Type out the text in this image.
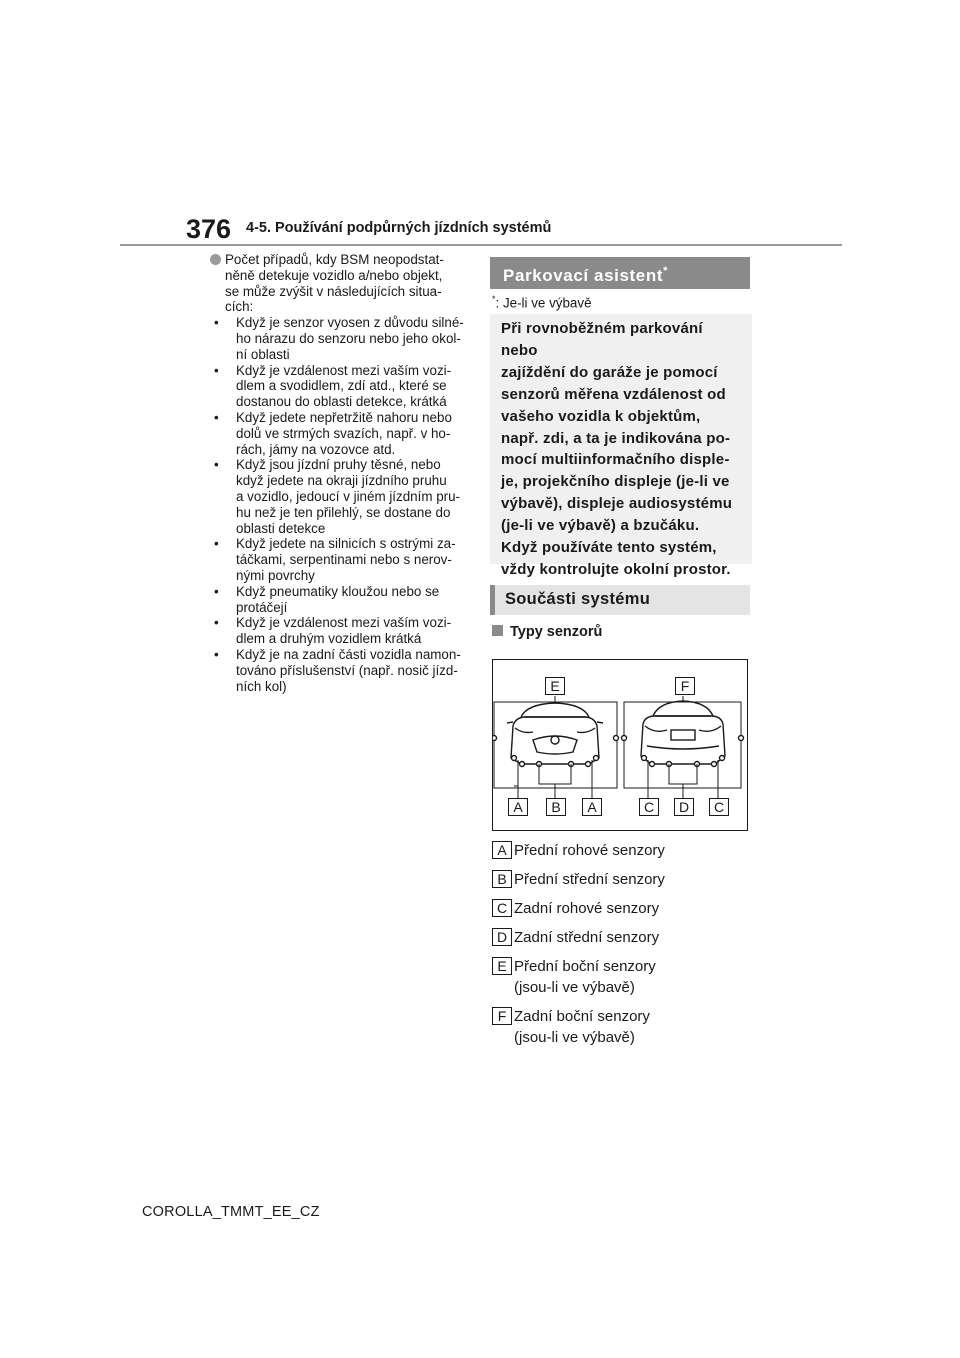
376 4-5. Používání podpůrných jízdních systémů
Počet případů, kdy BSM neopodstat-
něně detekuje vozidlo a/nebo objekt,
se může zvýšit v následujících situa-
cích:
• Když je senzor vyosen z důvodu silné-
ho nárazu do senzoru nebo jeho okol-
ní oblasti
• Když je vzdálenost mezi vaším vozi-
dlem a svodidlem, zdí atd., které se
dostanou do oblasti detekce, krátká
• Když jedete nepřetržitě nahoru nebo
dolů ve strmých svazích, např. v ho-
rách, jámy na vozovce atd.
• Když jsou jízdní pruhy těsné, nebo
když jedete na okraji jízdního pruhu
a vozidlo, jedoucí v jiném jízdním pru-
hu než je ten přilehlý, se dostane do
oblasti detekce
• Když jedete na silnicích s ostrými za-
táčkami, serpentinami nebo s nerov-
nými povrchy
• Když pneumatiky kloužou nebo se
protáčejí
• Když je vzdálenost mezi vaším vozi-
dlem a druhým vozidlem krátká
• Když je na zadní části vozidla namon-
továno příslušenství (např. nosič jízd-
ních kol)
Parkovací asistent*
*: Je-li ve výbavě
Při rovnoběžném parkování nebo
zajíždění do garáže je pomocí
senzorů měřena vzdálenost od
vašeho vozidla k objektům,
např. zdi, a ta je indikována po-
mocí multiinformačního disple-
je, projekčního displeje (je-li ve
výbavě), displeje audiosystému
(je-li ve výbavě) a bzučáku.
Když používáte tento systém,
vždy kontrolujte okolní prostor.
Součásti systému
Typy senzorů
E	F
A	B	A	C	D	C
A Přední rohové senzory
B Přední střední senzory
C Zadní rohové senzory
D Zadní střední senzory
E Přední boční senzory
(jsou-li ve výbavě)
F Zadní boční senzory
(jsou-li ve výbavě)
COROLLA_TMMT_EE_CZ
